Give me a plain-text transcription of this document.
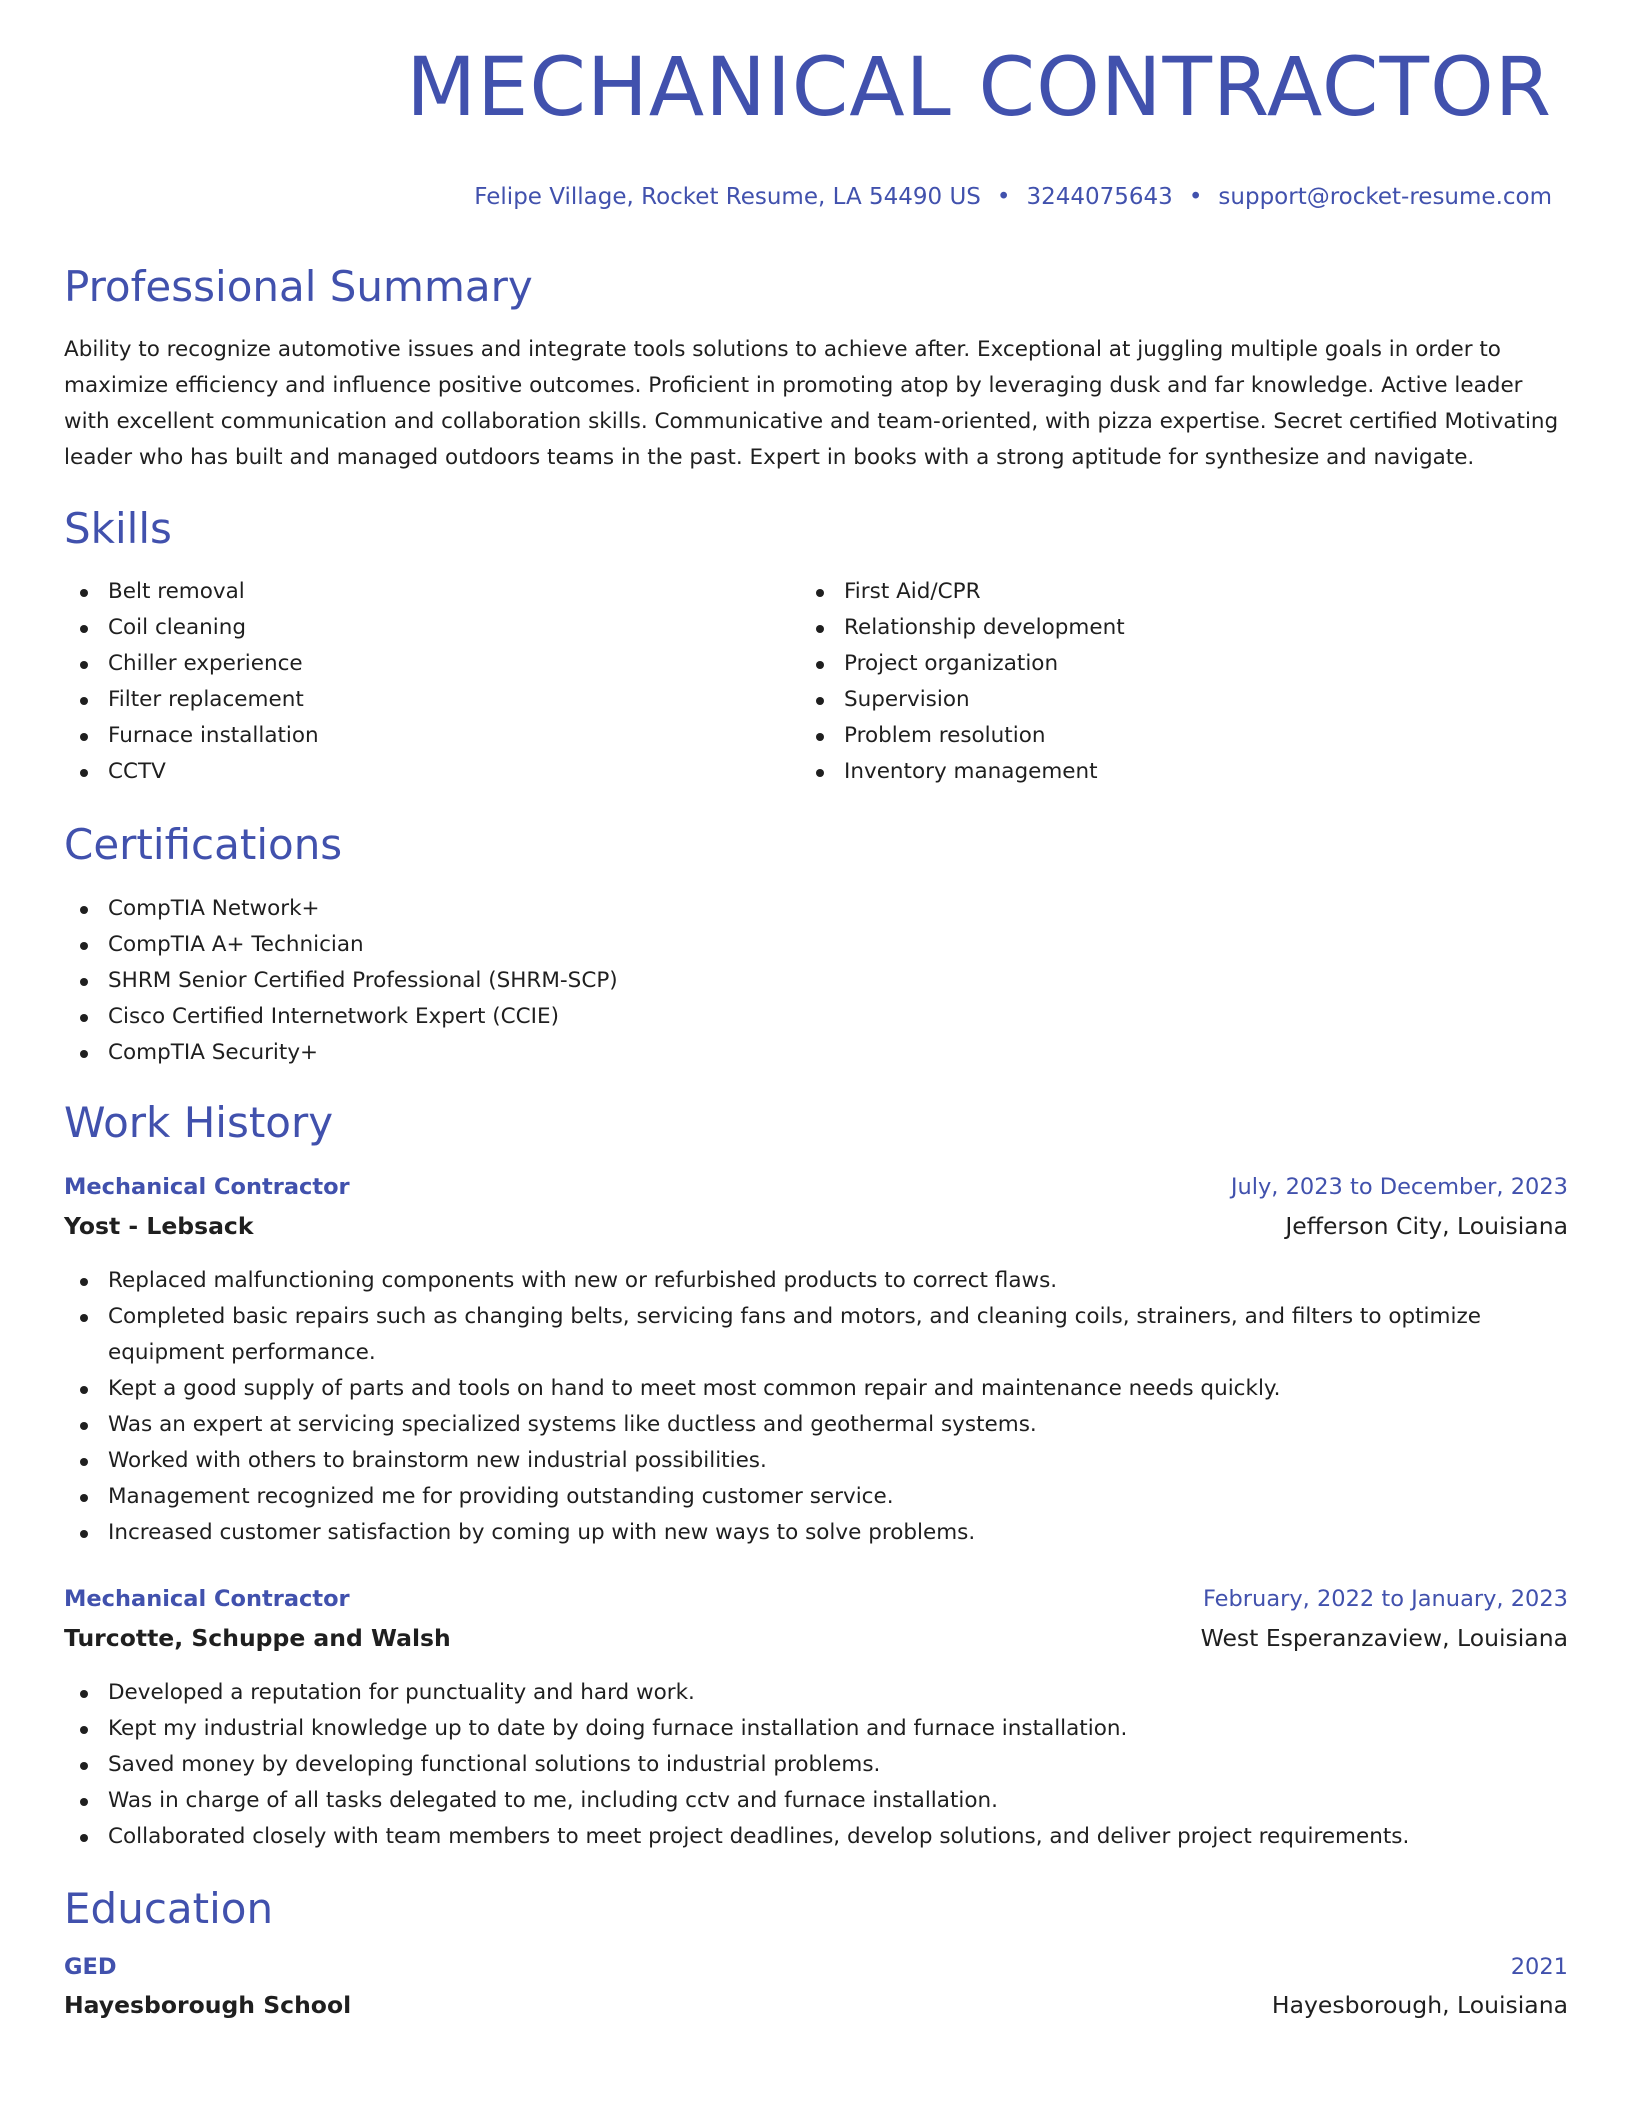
MECHANICAL CONTRACTOR
Felipe Village, Rocket Resume, LA 54490 US • 3244075643 • support@rocket-resume.com
Professional Summary

Ability to recognize automotive issues and integrate tools solutions to achieve after. Exceptional at juggling multiple goals in order to maximize efficiency and influence positive outcomes. Proficient in promoting atop by leveraging dusk and far knowledge. Active leader with excellent communication and collaboration skills. Communicative and team-oriented, with pizza expertise. Secret certified Motivating leader who has built and managed outdoors teams in the past. Expert in books with a strong aptitude for synthesize and navigate.

Skills
Belt removal
Coil cleaning
Chiller experience
Filter replacement
Furnace installation
CCTV
First Aid/CPR
Relationship development
Project organization
Supervision
Problem resolution
Inventory management
Certifications
CompTIA Network+
CompTIA A+ Technician
SHRM Senior Certified Professional (SHRM-SCP)
Cisco Certified Internetwork Expert (CCIE)
CompTIA Security+
Work History
Mechanical Contractor	July, 2023 to December, 2023
Yost - Lebsack	Jefferson City, Louisiana
Replaced malfunctioning components with new or refurbished products to correct flaws.
Completed basic repairs such as changing belts, servicing fans and motors, and cleaning coils, strainers, and filters to optimize equipment performance.
Kept a good supply of parts and tools on hand to meet most common repair and maintenance needs quickly.
Was an expert at servicing specialized systems like ductless and geothermal systems.
Worked with others to brainstorm new industrial possibilities.
Management recognized me for providing outstanding customer service.
Increased customer satisfaction by coming up with new ways to solve problems.
Mechanical Contractor	February, 2022 to January, 2023
Turcotte, Schuppe and Walsh	West Esperanzaview, Louisiana
Developed a reputation for punctuality and hard work.
Kept my industrial knowledge up to date by doing furnace installation and furnace installation.
Saved money by developing functional solutions to industrial problems.
Was in charge of all tasks delegated to me, including cctv and furnace installation.
Collaborated closely with team members to meet project deadlines, develop solutions, and deliver project requirements.
Education
GED	2021
Hayesborough School	Hayesborough, Louisiana
